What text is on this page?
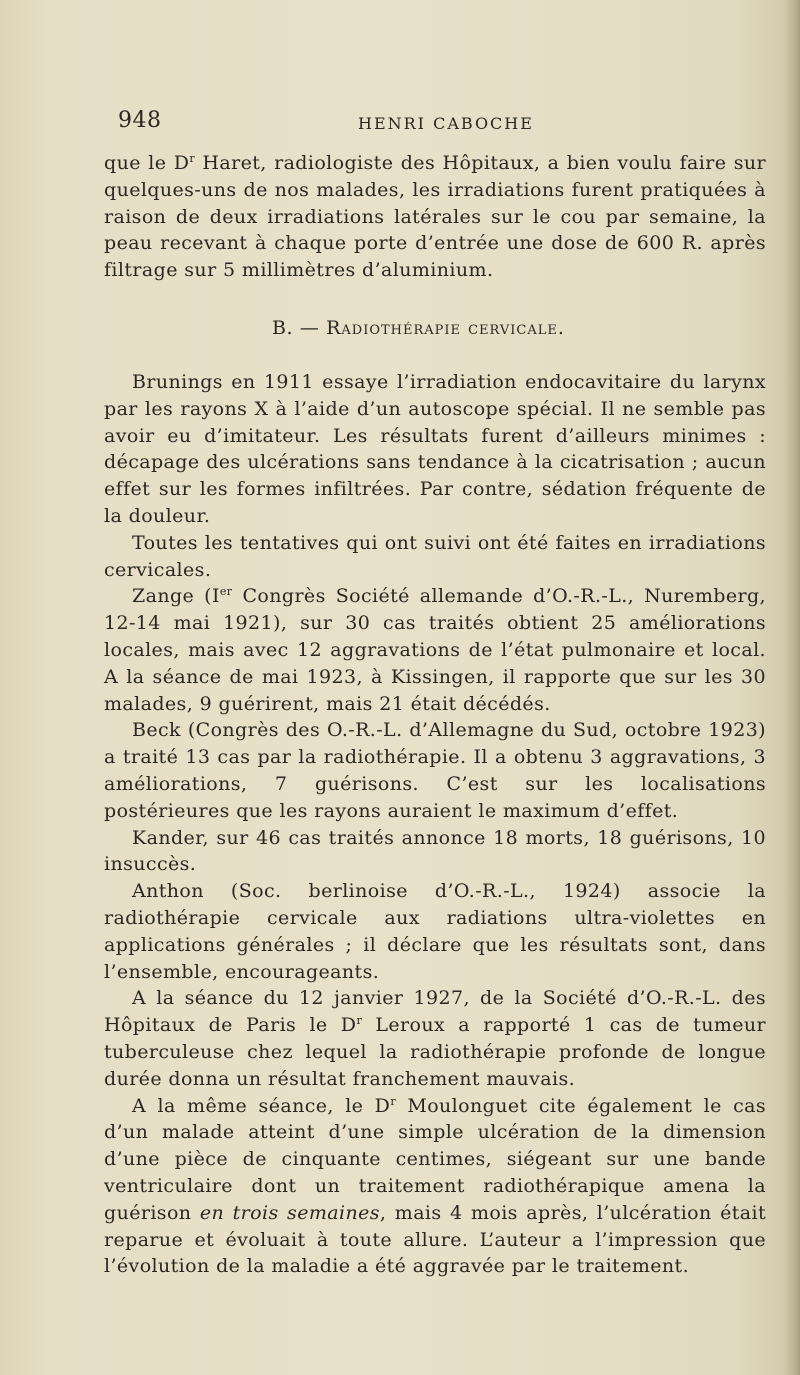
948	HENRI CABOCHE

que le $D^r$ Haret, radiologiste des Hôpitaux, a bien voulu faire sur quelques-uns de nos malades, les irradiations furent pratiquées à raison de deux irradiations latérales sur le cou par semaine, la peau recevant à chaque porte d’entrée une dose de 600 R. après filtrage sur 5 millimètres d’aluminium.

B. — Radiothérapie cervicale.

Brunings en 1911 essaye l’irradiation endocavitaire du larynx par les rayons X à l’aide d’un autoscope spécial. Il ne semble pas avoir eu d’imitateur. Les résultats furent d’ailleurs minimes : décapage des ulcérations sans tendance à la cicatrisation ; aucun effet sur les formes infiltrées. Par contre, sédation fréquente de la douleur.

Toutes les tentatives qui ont suivi ont été faites en irradiations cervicales.

Zange (Ier Congrès Société allemande d’O.-R.-L., Nuremberg, 12-14 mai 1921), sur 30 cas traités obtient 25 améliorations locales, mais avec 12 aggravations de l’état pulmonaire et local. A la séance de mai 1923, à Kissingen, il rapporte que sur les 30 malades, 9 guérirent, mais 21 était décédés.

Beck (Congrès des O.-R.-L. d’Allemagne du Sud, octobre 1923) a traité 13 cas par la radiothérapie. Il a obtenu 3 aggravations, 3 améliorations, 7 guérisons. C’est sur les localisations postérieures que les rayons auraient le maximum d’effet.

Kander, sur 46 cas traités annonce 18 morts, 18 guérisons, 10 insuccès.

Anthon (Soc. berlinoise d’O.-R.-L., 1924) associe la radiothérapie cervicale aux radiations ultra-violettes en applications générales ; il déclare que les résultats sont, dans l’ensemble, encourageants.

A la séance du 12 janvier 1927, de la Société d’O.-R.-L. des Hôpitaux de Paris le $D^r$ Leroux a rapporté 1 cas de tumeur tuberculeuse chez lequel la radiothérapie profonde de longue durée donna un résultat franchement mauvais.

A la même séance, le $D^r$ Moulonguet cite également le cas d’un malade atteint d’une simple ulcération de la dimension d’une pièce de cinquante centimes, siégeant sur une bande ventriculaire dont un traitement radiothérapique amena la guérison en trois semaines, mais 4 mois après, l’ulcération était reparue et évoluait à toute allure. L’auteur a l’impression que l’évolution de la maladie a été aggravée par le traitement.
